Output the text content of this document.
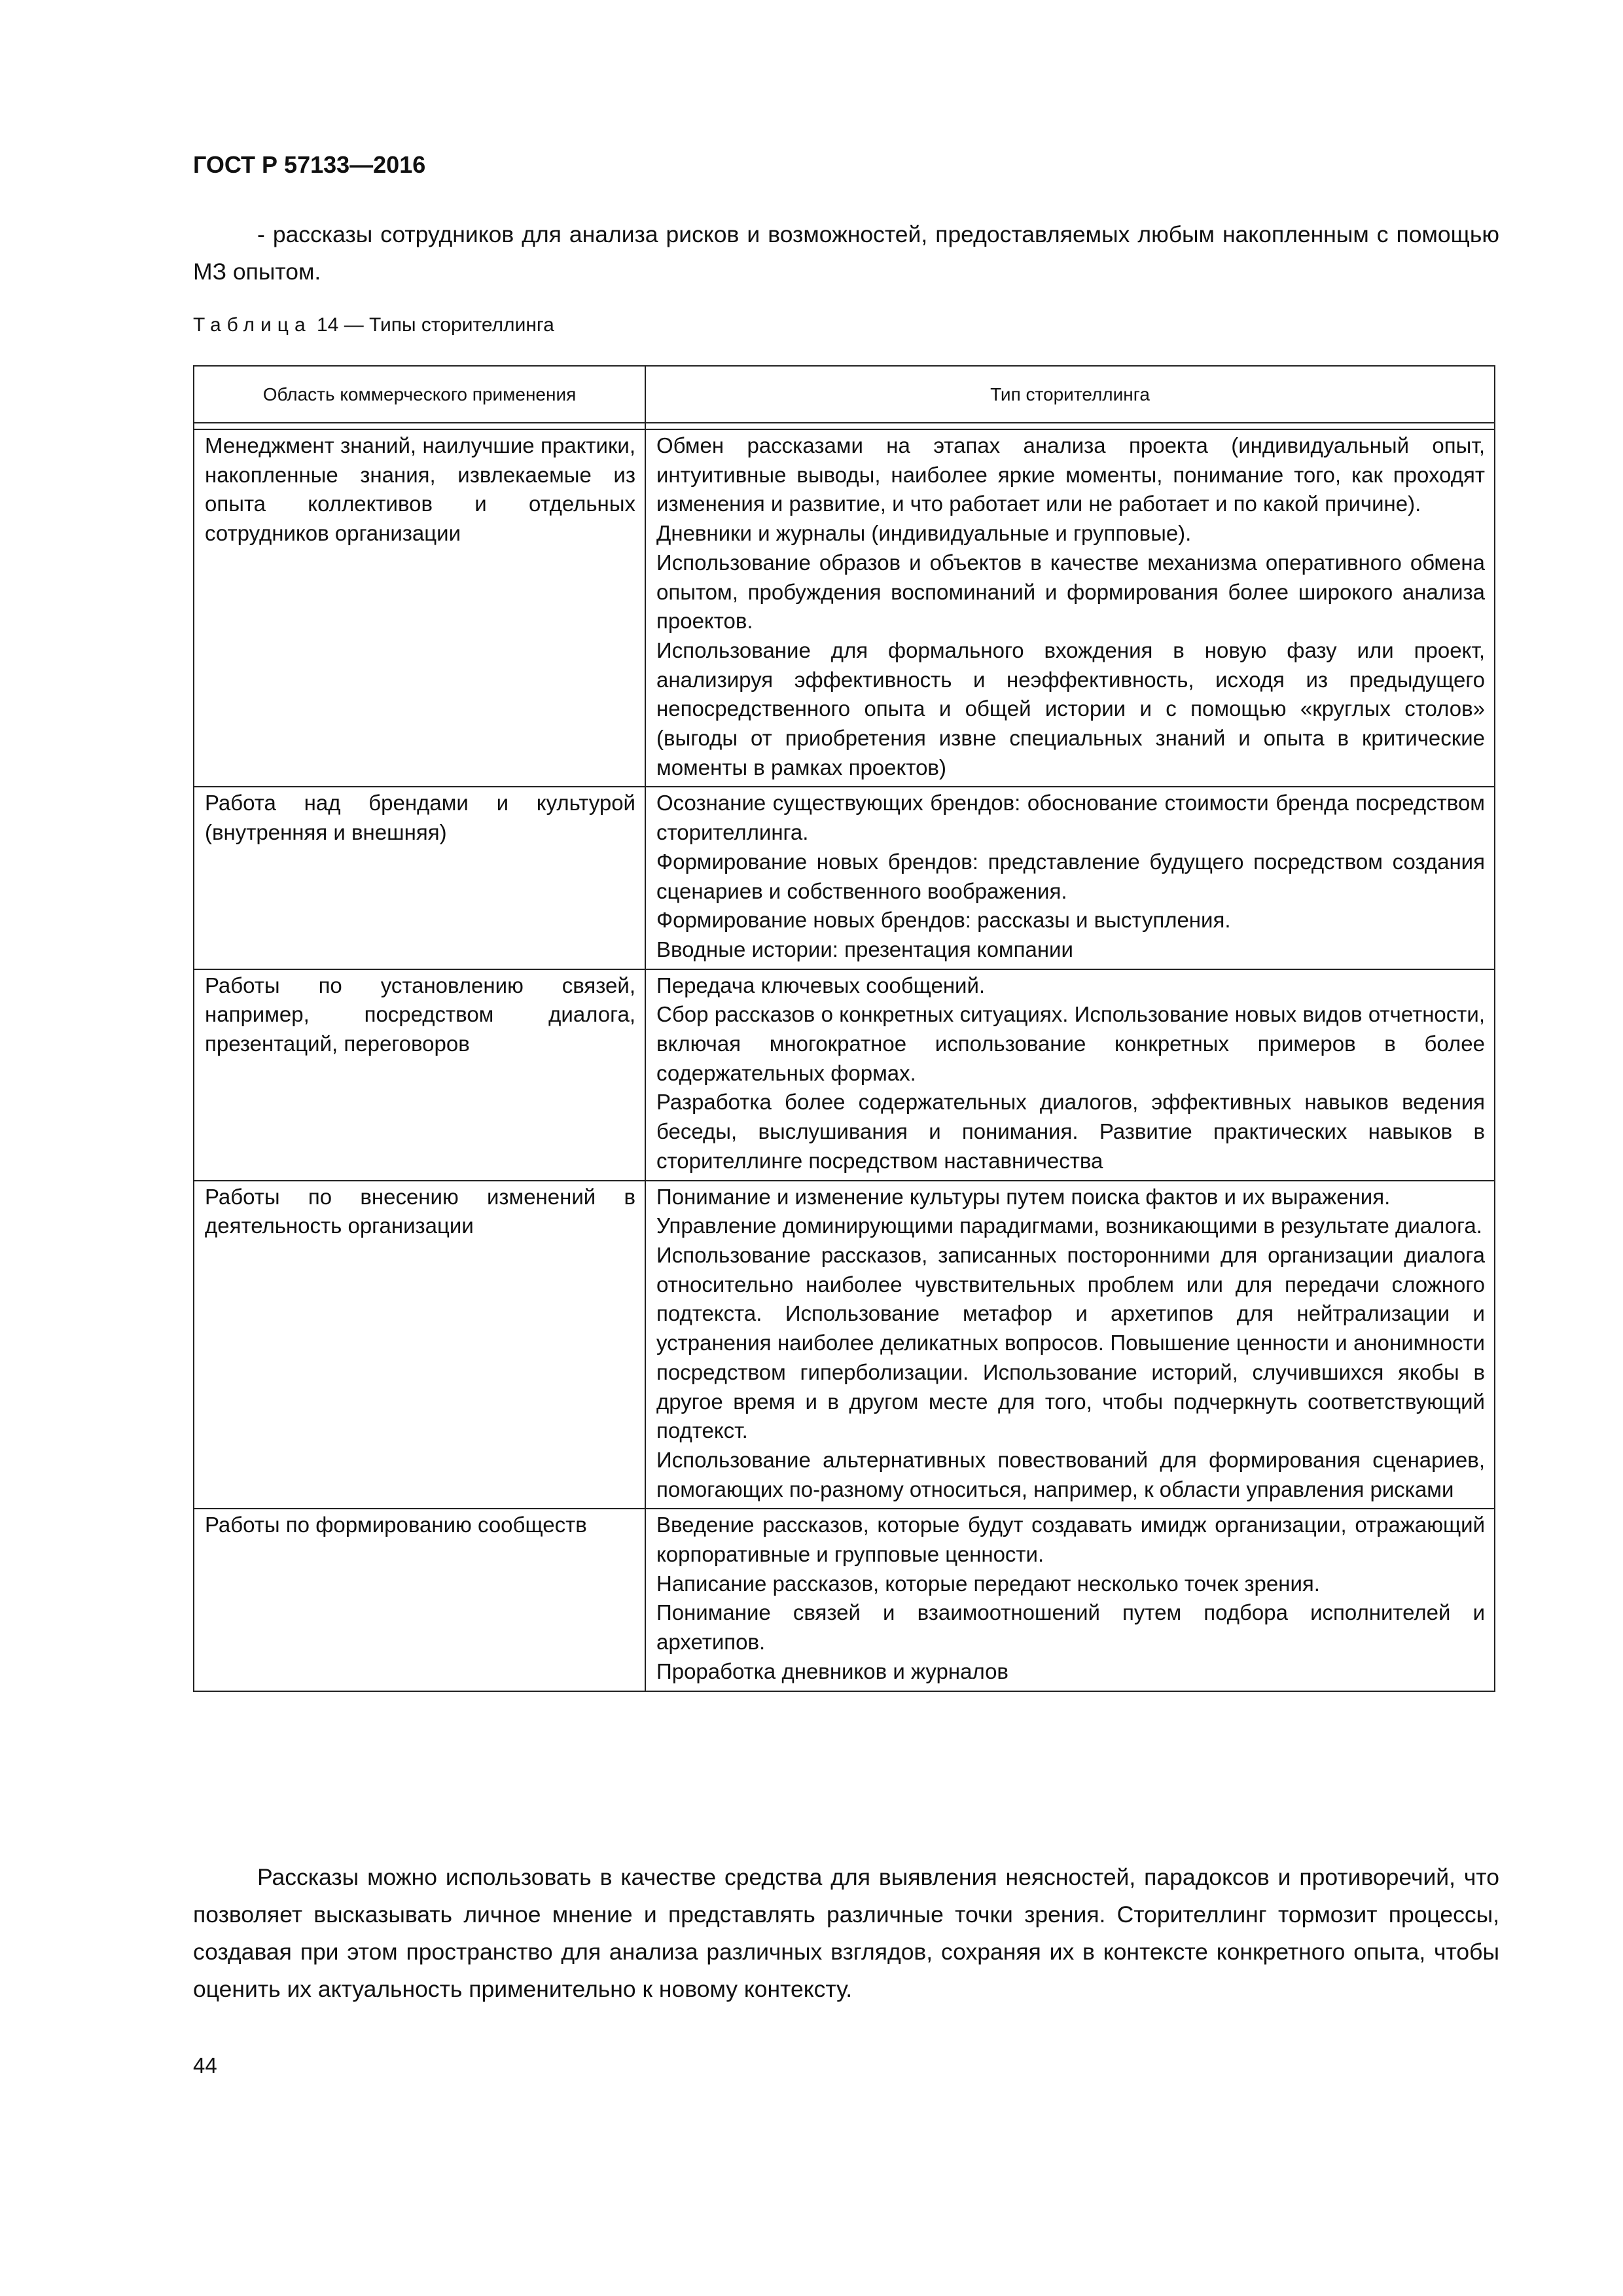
ГОСТ Р 57133—2016

- рассказы сотрудников для анализа рисков и возможностей, предоставляемых любым накопленным с помощью МЗ опытом.

Таблица 14 — Типы сторителлинга

Область коммерческого применения	Тип сторителлинга

Менеджмент знаний, наилучшие практики, накопленные знания, извлекаемые из опыта коллективов и отдельных сотрудников организации	Обмен рассказами на этапах анализа проекта (индивидуальный опыт, интуитивные выводы, наиболее яркие моменты, понимание того, как проходят изменения и развитие, и что работает или не работает и по какой причине).

Дневники и журналы (индивидуальные и групповые).

Использование образов и объектов в качестве механизма оперативного обмена опытом, пробуждения воспоминаний и формирования более широкого анализа проектов.

Использование для формального вхождения в новую фазу или проект, анализируя эффективность и неэффективность, исходя из предыдущего непосредственного опыта и общей истории и с помощью «круглых столов» (выгоды от приобретения извне специальных знаний и опыта в критические моменты в рамках проектов)

Работа над брендами и культурой (внутренняя и внешняя)	Осознание существующих брендов: обоснование стоимости бренда посредством сторителлинга.

Формирование новых брендов: представление будущего посредством создания сценариев и собственного воображения.

Формирование новых брендов: рассказы и выступления.

Вводные истории: презентация компании

Работы по установлению связей, например, посредством диалога, презентаций, переговоров	Передача ключевых сообщений.

Сбор рассказов о конкретных ситуациях. Использование новых видов отчетности, включая многократное использование конкретных примеров в более содержательных формах.

Разработка более содержательных диалогов, эффективных навыков ведения беседы, выслушивания и понимания. Развитие практических навыков в сторителлинге посредством наставничества

Работы по внесению изменений в деятельность организации	Понимание и изменение культуры путем поиска фактов и их выражения.

Управление доминирующими парадигмами, возникающими в результате диалога.

Использование рассказов, записанных посторонними для организации диалога относительно наиболее чувствительных проблем или для передачи сложного подтекста. Использование метафор и архетипов для нейтрализации и устранения наиболее деликатных вопросов. Повышение ценности и анонимности посредством гиперболизации. Использование историй, случившихся якобы в другое время и в другом месте для того, чтобы подчеркнуть соответствующий подтекст.

Использование альтернативных повествований для формирования сценариев, помогающих по-разному относиться, например, к области управления рисками

Работы по формированию сообществ	Введение рассказов, которые будут создавать имидж организации, отражающий корпоративные и групповые ценности.

Написание рассказов, которые передают несколько точек зрения.

Понимание связей и взаимоотношений путем подбора исполнителей и архетипов.

Проработка дневников и журналов

Рассказы можно использовать в качестве средства для выявления неясностей, парадоксов и противоречий, что позволяет высказывать личное мнение и представлять различные точки зрения. Сторителлинг тормозит процессы, создавая при этом пространство для анализа различных взглядов, сохраняя их в контексте конкретного опыта, чтобы оценить их актуальность применительно к новому контексту.

44
